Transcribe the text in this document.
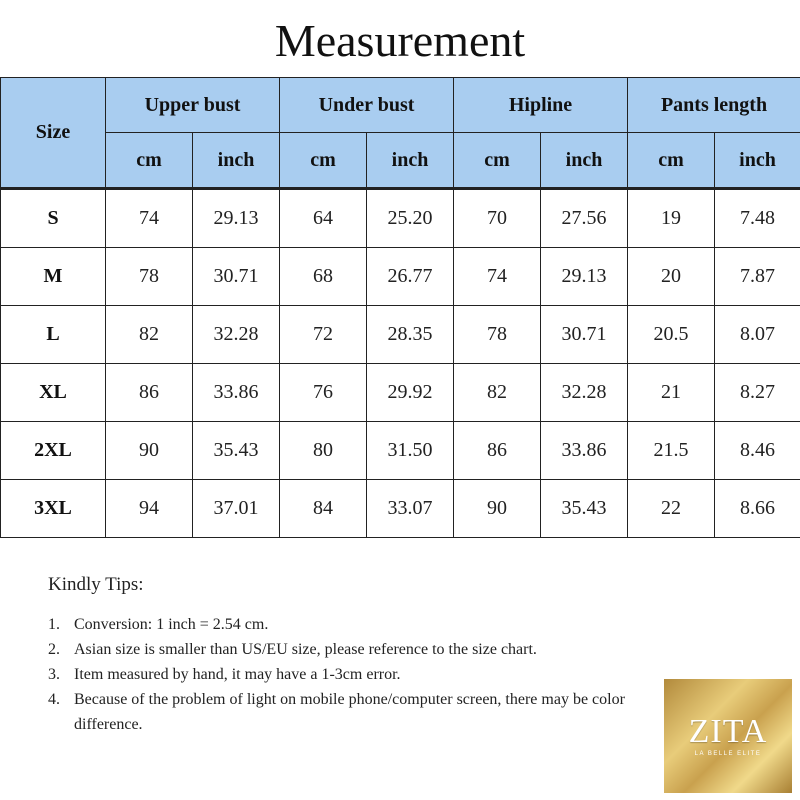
Measurement
Size	Upper bust		Under bust		Hipline		Pants length	
	cm	inch	cm	inch	cm	inch	cm	inch
S	74	29.13	64	25.20	70	27.56	19	7.48
M	78	30.71	68	26.77	74	29.13	20	7.87
L	82	32.28	72	28.35	78	30.71	20.5	8.07
XL	86	33.86	76	29.92	82	32.28	21	8.27
2XL	90	35.43	80	31.50	86	33.86	21.5	8.46
3XL	94	37.01	84	33.07	90	35.43	22	8.66
Kindly Tips:
1. Conversion: 1 inch = 2.54 cm.
2. Asian size is smaller than US/EU size, please reference to the size chart.
3. Item measured by hand, it may have a 1-3cm error.
4. Because of the problem of light on mobile phone/computer screen, there may be color difference.	ZITA
LA BELLE ELITE
